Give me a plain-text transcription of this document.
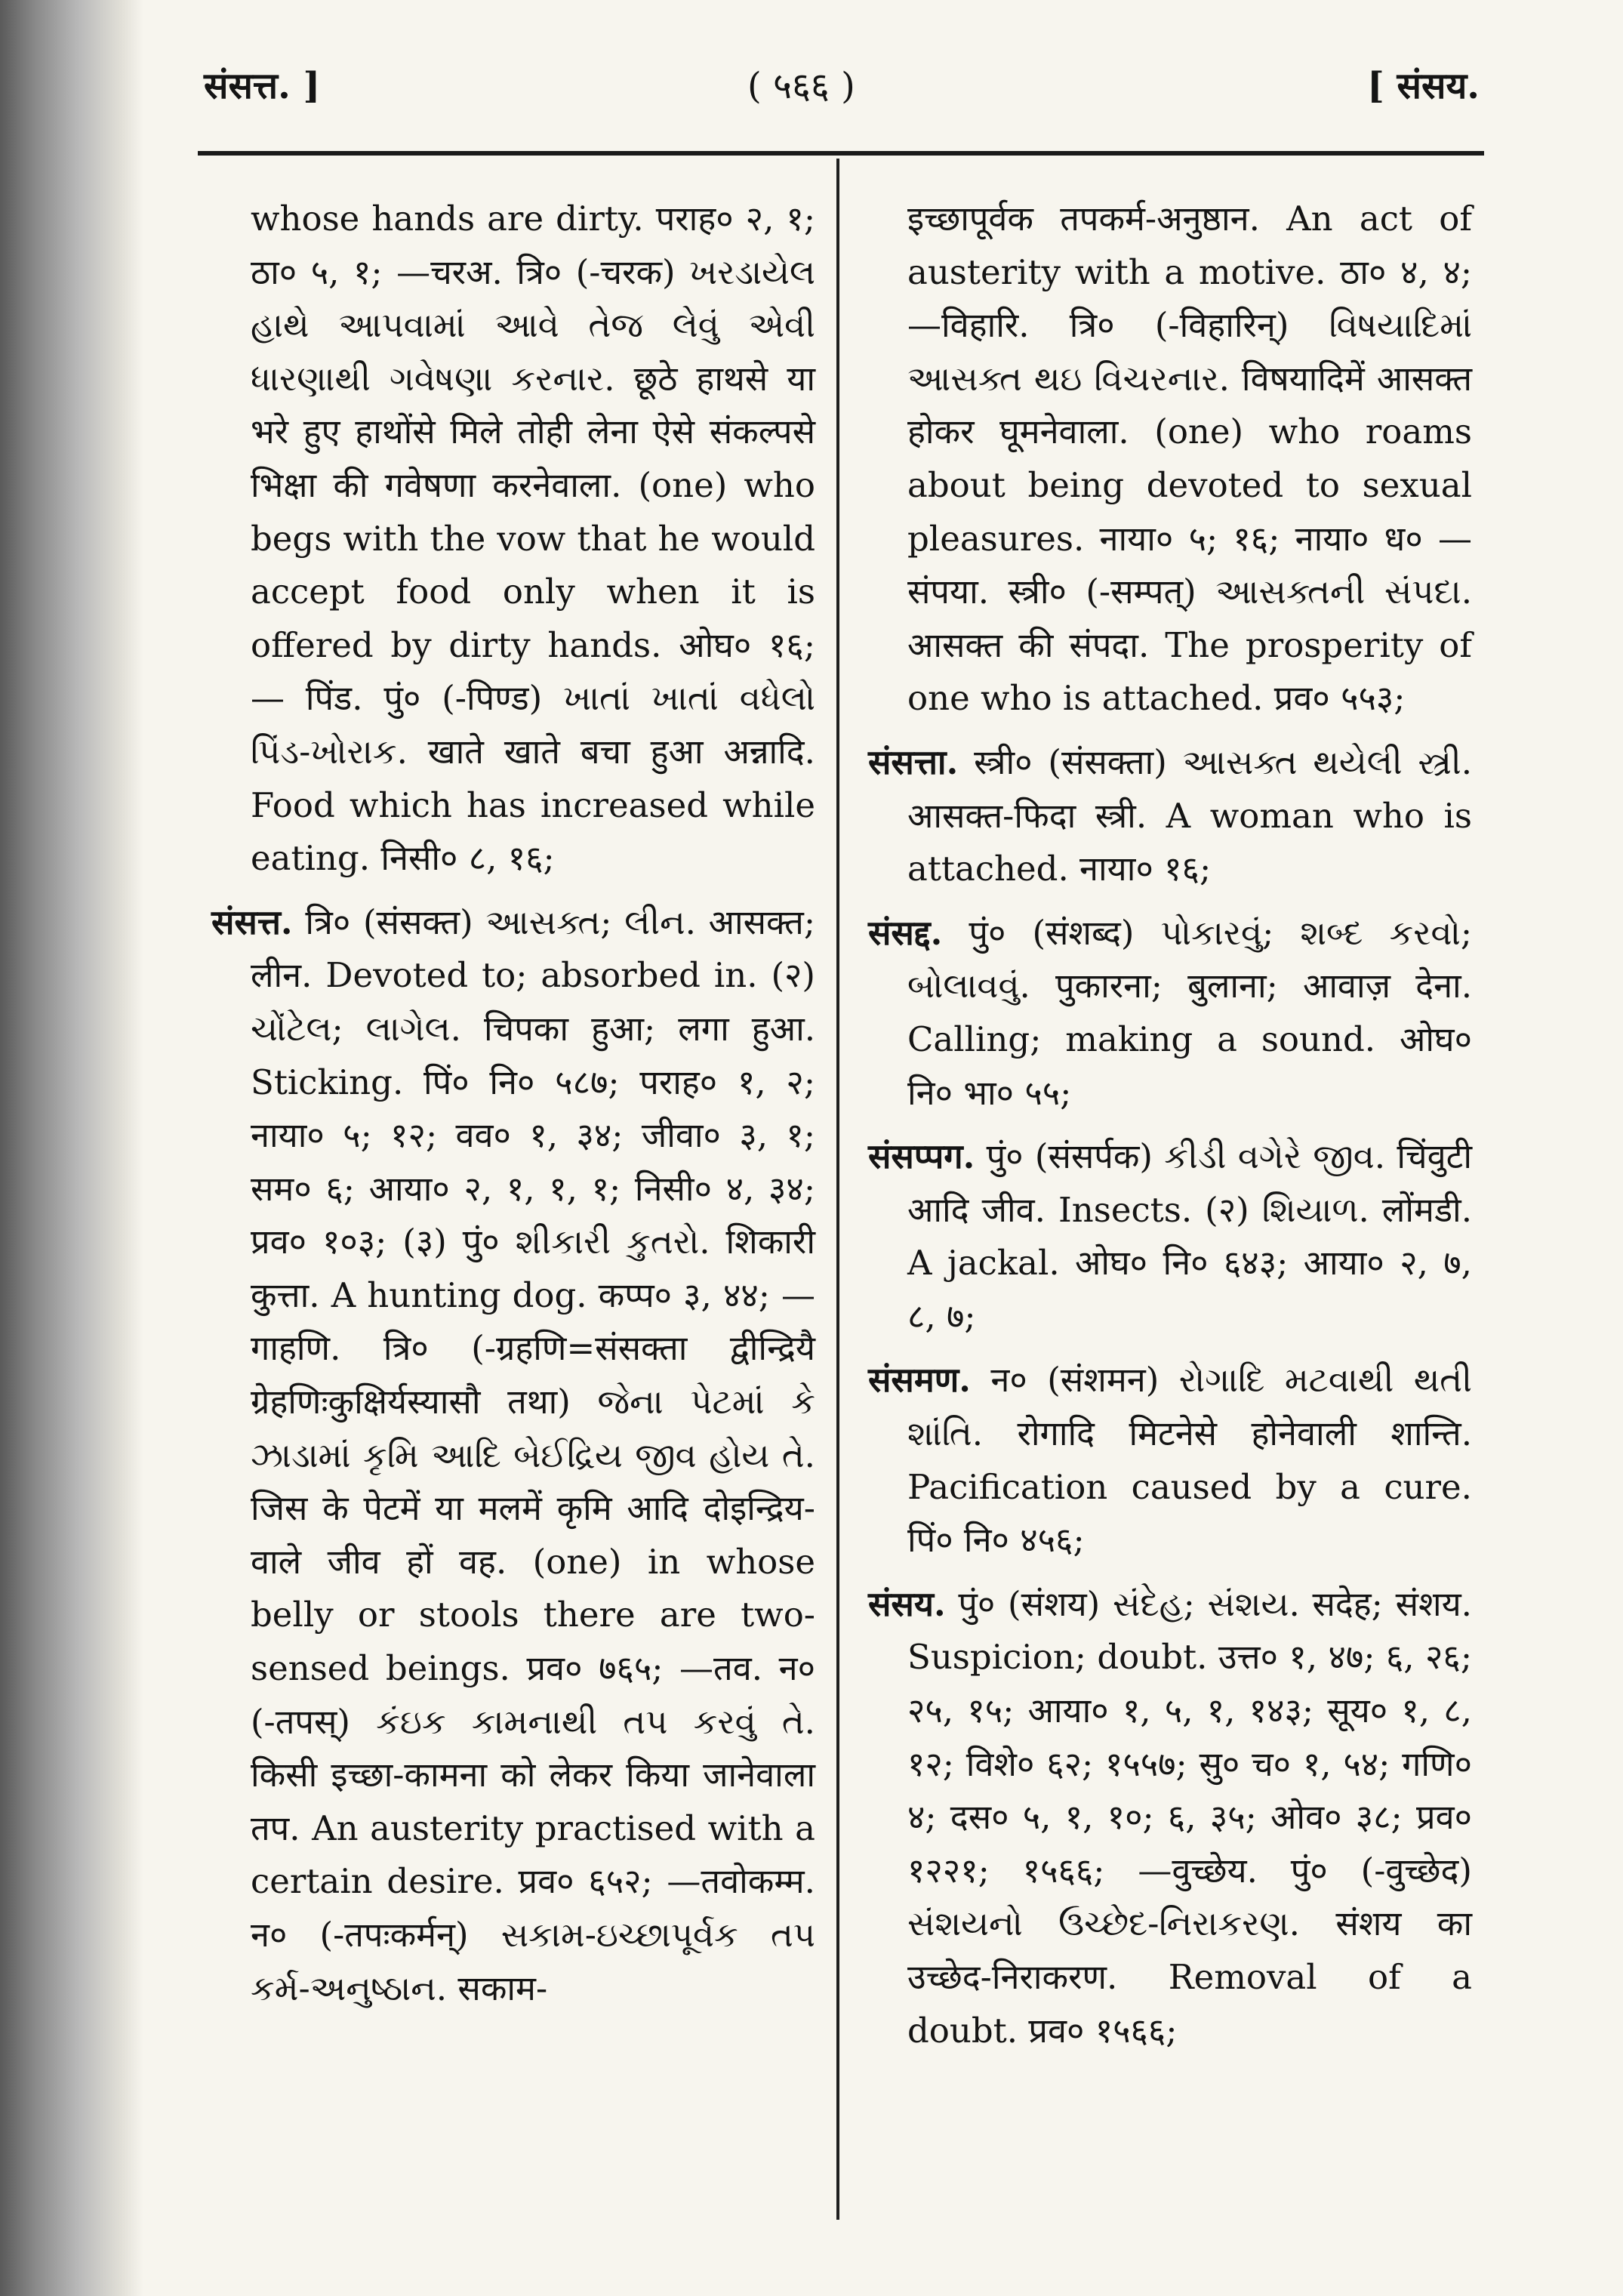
संसत्त. ]	( ५६६ )	[ संसय.

whose hands are dirty. पराह० २, १; ठा० ५, १; —चरअ. त्रि० (-चरक) ખરડાયેલ હાથે આપવામાં આવે તેજ લેવું એવી ધારણાથી ગવેષણા કરનાર. छूठे हाथसे या भरे हुए हाथोंसे मिले तोही लेना ऐसे संकल्पसे भिक्षा की गवेषणा करनेवाला. (one) who begs with the vow that he would accept food only when it is offered by dirty hands. ओघ० १६; — पिंड. पुं० (-पिण्ड) ખાતાં ખાતાં વધેલો પિંડ-ખોરાક. खाते खाते बचा हुआ अन्नादि. Food which has increased while eating. निसी० ८, १६;

संसत्त. त्रि० (संसक्त) આસક્ત; લીન. आसक्त; लीन. Devoted to; absorbed in. (२) ચોંટેલ; લાગેલ. चिपका हुआ; लगा हुआ. Sticking. पिं० नि० ५८७; पराह० १, २; नाया० ५; १२; वव० १, ३४; जीवा० ३, १; सम० ६; आया० २, १, १, १; निसी० ४, ३४; प्रव० १०३; (३) पुं० શીકારી કુતરો. शिकारी कुत्ता. A hunting dog. कप्प० ३, ४४; —गाहणि. त्रि० (-ग्रहणि=संसक्ता द्वीन्द्रियै ग्रेहणिःकुक्षिर्यस्यासौ तथा) જેના પેટમાં કે ઝાડામાં કૃમિ આદિ બેઈદ્રિય જીવ હોય તે. जिस के पेटमें या मलमें कृमि आदि दोइन्द्रिय-वाले जीव हों वह. (one) in whose belly or stools there are two-sensed beings. प्रव० ७६५; —तव. न० (-तपस्) કંઇક કામનાથી તપ કરવું તે. किसी इच्छा-कामना को लेकर किया जानेवाला तप. An austerity practised with a certain desire. प्रव० ६५२; —तवोकम्म. न० (-तपःकर्मन्) સકામ-ઇચ્છાપૂર્વક તપ કર્મ-અનુષ્ઠાન. सकाम-

इच्छापूर्वक तपकर्म-अनुष्ठान. An act of austerity with a motive. ठा० ४, ४; —विहारि. त्रि० (-विहारिन्) વિષયાદિમાં આસક્ત થઇ વિચરનાર. विषयादिमें आसक्त होकर घूमनेवाला. (one) who roams about being devoted to sexual pleasures. नाया० ५; १६; नाया० ध० —संपया. स्त्री० (-सम्पत्) આસક્તની સંપદા. आसक्त की संपदा. The prosperity of one who is attached. प्रव० ५५३;

संसत्ता. स्त्री० (संसक्ता) આસક્ત થયેલી સ્ત્રી. आसक्त-फिदा स्त्री. A woman who is attached. नाया० १६;

संसद्द. पुं० (संशब्द) પોકારવું; શબ્દ કરવો; બોલાવવું. पुकारना; बुलाना; आवाज़ देना. Calling; making a sound. ओघ० नि० भा० ५५;

संसप्पग. पुं० (संसर्पक) કીડી વગેરે જીવ. चिंवुटी आदि जीव. Insects. (२) શિયાળ. लोंमडी. A jackal. ओघ० नि० ६४३; आया० २, ७, ८, ७;

संसमण. न० (संशमन) રોગાદિ મટવાથી થતી શાંતિ. रोगादि मिटनेसे होनेवाली शान्ति. Pacification caused by a cure. पिं० नि० ४५६;

संसय. पुं० (संशय) સંદેહ; સંશય. सदेह; संशय. Suspicion; doubt. उत्त० १, ४७; ६, २६; २५, १५; आया० १, ५, १, १४३; सूय० १, ८, १२; विशे० ६२; १५५७; सु० च० १, ५४; गणि० ४; दस० ५, १, १०; ६, ३५; ओव० ३८; प्रव० १२२१; १५६६; —वुच्छेय. पुं० (-वुच्छेद) સંશયનો ઉચ્છેદ-નિરાકરણ. संशय का उच्छेद-निराकरण. Removal of a doubt. प्रव० १५६६;
